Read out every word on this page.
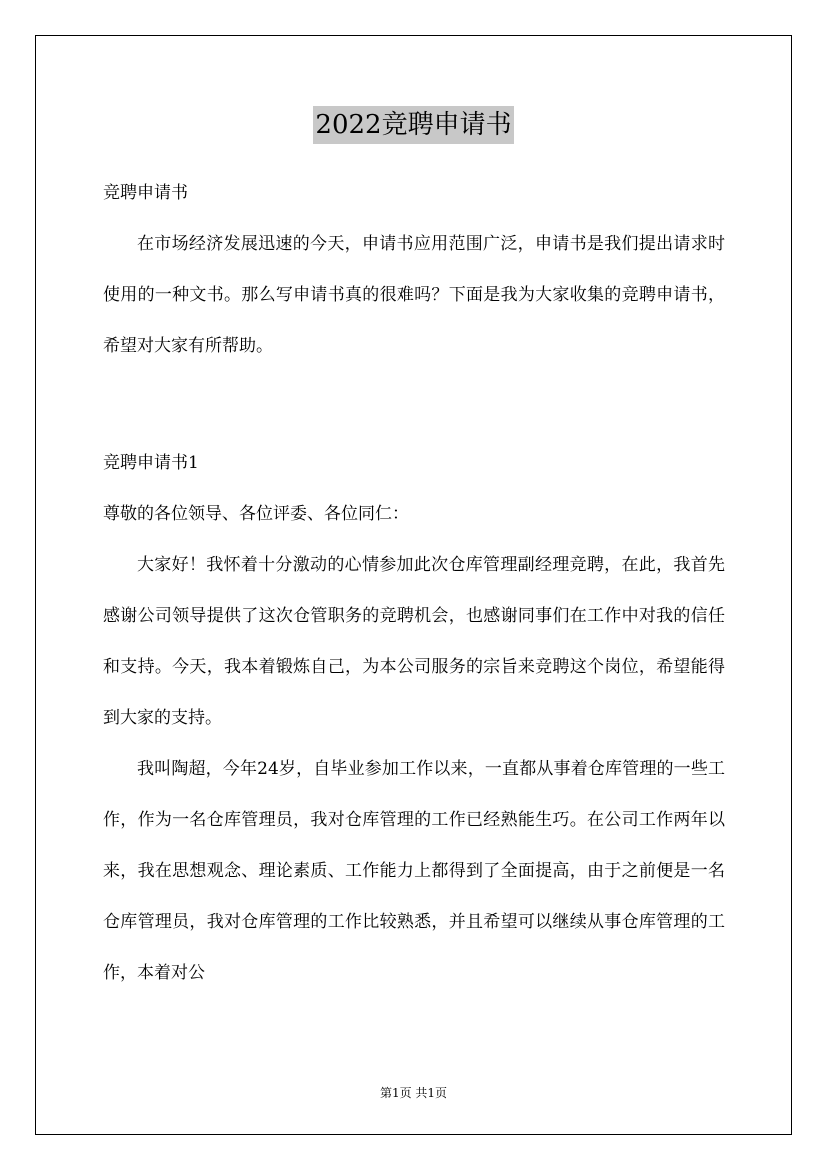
2022竞聘申请书

竞聘申请书

在市场经济发展迅速的今天，申请书应用范围广泛，申请书是我们提出请求时使用的一种文书。那么写申请书真的很难吗？下面是我为大家收集的竞聘申请书，希望对大家有所帮助。

竞聘申请书1

尊敬的各位领导、各位评委、各位同仁：

大家好！我怀着十分激动的心情参加此次仓库管理副经理竞聘，在此，我首先感谢公司领导提供了这次仓管职务的竞聘机会，也感谢同事们在工作中对我的信任和支持。今天，我本着锻炼自己，为本公司服务的宗旨来竞聘这个岗位，希望能得到大家的支持。

我叫陶超，今年24岁，自毕业参加工作以来，一直都从事着仓库管理的一些工作，作为一名仓库管理员，我对仓库管理的工作已经熟能生巧。在公司工作两年以来，我在思想观念、理论素质、工作能力上都得到了全面提高，由于之前便是一名仓库管理员，我对仓库管理的工作比较熟悉，并且希望可以继续从事仓库管理的工作，本着对公

第1页 共1页
